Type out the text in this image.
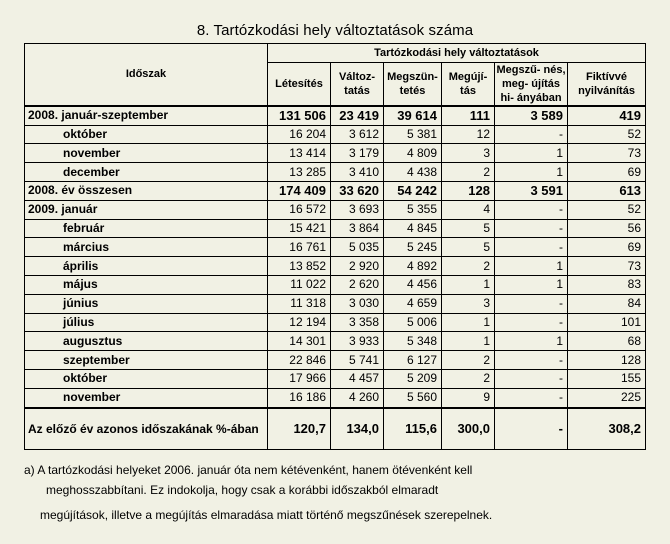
8. Tartózkodási hely változtatások száma
Időszak	Tartózkodási hely változtatások					
	Létesítés	Változ- tatás	Megszün- tetés	Megújí- tás	Megszű- nés, meg- újítás hi- ányában	Fiktívvé nyilvánítás
2008. január-szeptember	131 506	23 419	39 614	111	3 589	419
október	16 204	3 612	5 381	12	-	52
november	13 414	3 179	4 809	3	1	73
december	13 285	3 410	4 438	2	1	69
2008. év összesen	174 409	33 620	54 242	128	3 591	613
2009. január	16 572	3 693	5 355	4	-	52
február	15 421	3 864	4 845	5	-	56
március	16 761	5 035	5 245	5	-	69
április	13 852	2 920	4 892	2	1	73
május	11 022	2 620	4 456	1	1	83
június	11 318	3 030	4 659	3	-	84
július	12 194	3 358	5 006	1	-	101
augusztus	14 301	3 933	5 348	1	1	68
szeptember	22 846	5 741	6 127	2	-	128
október	17 966	4 457	5 209	2	-	155
november	16 186	4 260	5 560	9	-	225
Az előző év azonos időszakának %-ában	120,7	134,0	115,6	300,0	-	308,2
a) A tartózkodási helyeket 2006. január óta nem kétévenként, hanem ötévenként kell
meghosszabbítani. Ez indokolja, hogy csak a korábbi időszakból elmaradt
megújítások, illetve a megújítás elmaradása miatt történő megszűnések szerepelnek.
